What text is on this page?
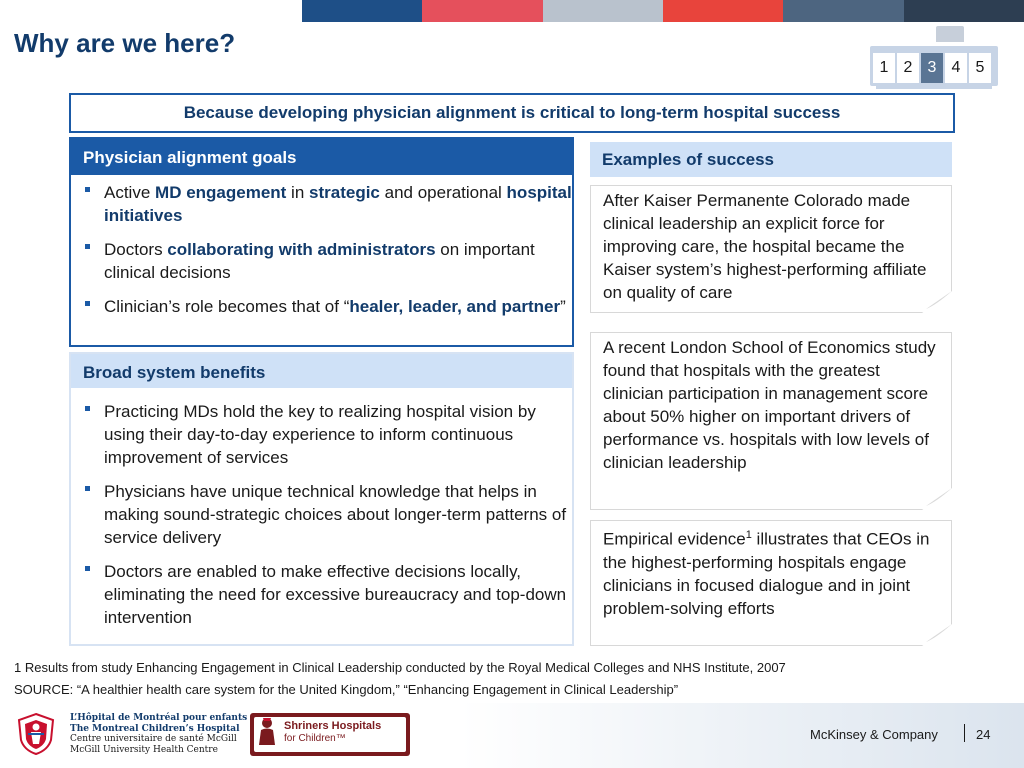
Why are we here?
1 2 3 4 5
Because developing physician alignment is critical to long-term hospital success
Physician alignment goals
Active MD engagement in strategic and operational hospital initiatives
Doctors collaborating with administrators on important clinical decisions
Clinician’s role becomes that of “healer, leader, and partner”
Broad system benefits
Practicing MDs hold the key to realizing hospital vision by using their day-to-day experience to inform continuous improvement of services
Physicians have unique technical knowledge that helps in making sound-strategic choices about longer-term patterns of service delivery
Doctors are enabled to make effective decisions locally, eliminating the need for excessive bureaucracy and top-down intervention
Examples of success
After Kaiser Permanente Colorado made clinical leadership an explicit force for improving care, the hospital became the Kaiser system’s highest-performing affiliate on quality of care
A recent London School of Economics study found that hospitals with the greatest clinician participation in management score about 50% higher on important drivers of performance vs. hospitals with low levels of clinician leadership
Empirical evidence$^1$ illustrates that CEOs in the highest-performing hospitals engage clinicians in focused dialogue and in joint problem-solving efforts
1 Results from study Enhancing Engagement in Clinical Leadership conducted by the Royal Medical Colleges and NHS Institute, 2007
SOURCE: “A healthier health care system for the United Kingdom,” “Enhancing Engagement in Clinical Leadership”
L’Hôpital de Montréal pour enfants
The Montreal Children’s Hospital
Centre universitaire de santé McGill
McGill University Health Centre
Shriners Hospitals
for Children™	McKinsey & Company	24
